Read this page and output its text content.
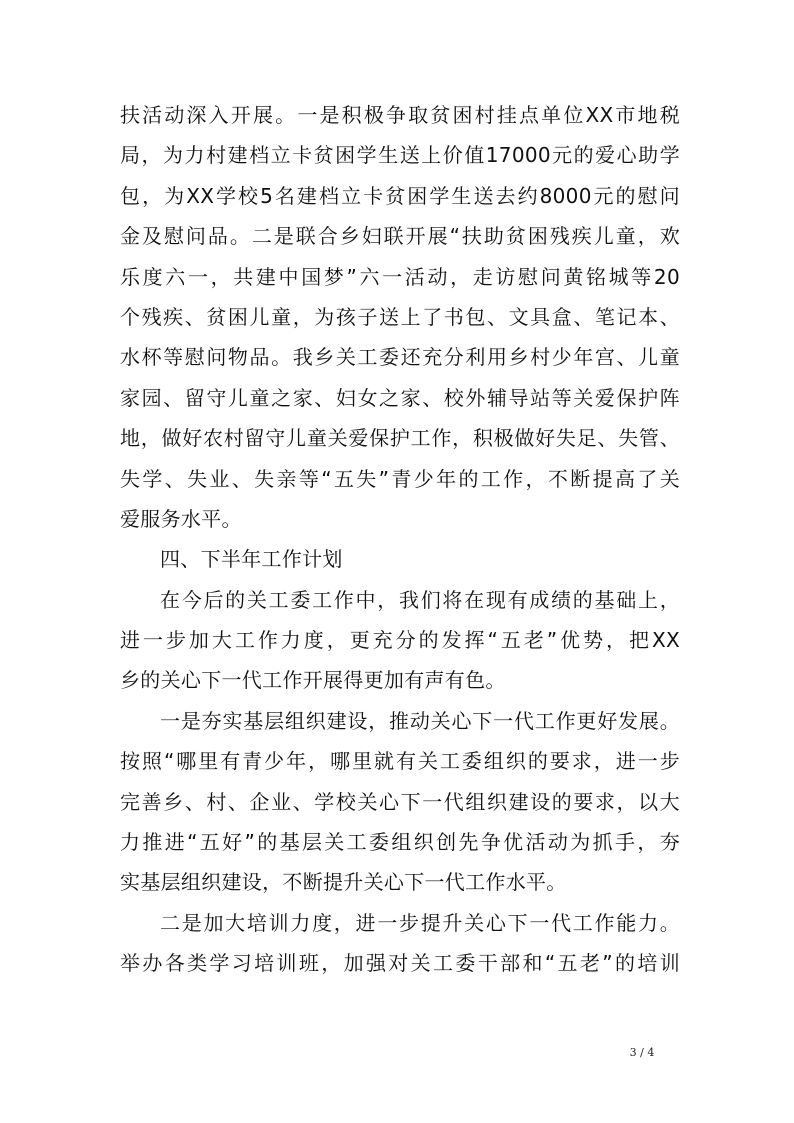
扶活动深入开展。一是积极争取贫困村挂点单位XX市地税
局，为力村建档立卡贫困学生送上价值17000元的爱心助学
包，为XX学校5名建档立卡贫困学生送去约8000元的慰问
金及慰问品。二是联合乡妇联开展“扶助贫困残疾儿童，欢
乐度六一，共建中国梦”六一活动，走访慰问黄铭城等20
个残疾、贫困儿童，为孩子送上了书包、文具盒、笔记本、
水杯等慰问物品。我乡关工委还充分利用乡村少年宫、儿童
家园、留守儿童之家、妇女之家、校外辅导站等关爱保护阵
地，做好农村留守儿童关爱保护工作，积极做好失足、失管、
失学、失业、失亲等“五失”青少年的工作，不断提高了关
爱服务水平。
四、下半年工作计划
在今后的关工委工作中，我们将在现有成绩的基础上，
进一步加大工作力度，更充分的发挥“五老”优势，把XX
乡的关心下一代工作开展得更加有声有色。
一是夯实基层组织建设，推动关心下一代工作更好发展。
按照“哪里有青少年，哪里就有关工委组织的要求，进一步
完善乡、村、企业、学校关心下一代组织建设的要求，以大
力推进“五好”的基层关工委组织创先争优活动为抓手，夯
实基层组织建设，不断提升关心下一代工作水平。
二是加大培训力度，进一步提升关心下一代工作能力。
举办各类学习培训班，加强对关工委干部和“五老”的培训
3 / 4
